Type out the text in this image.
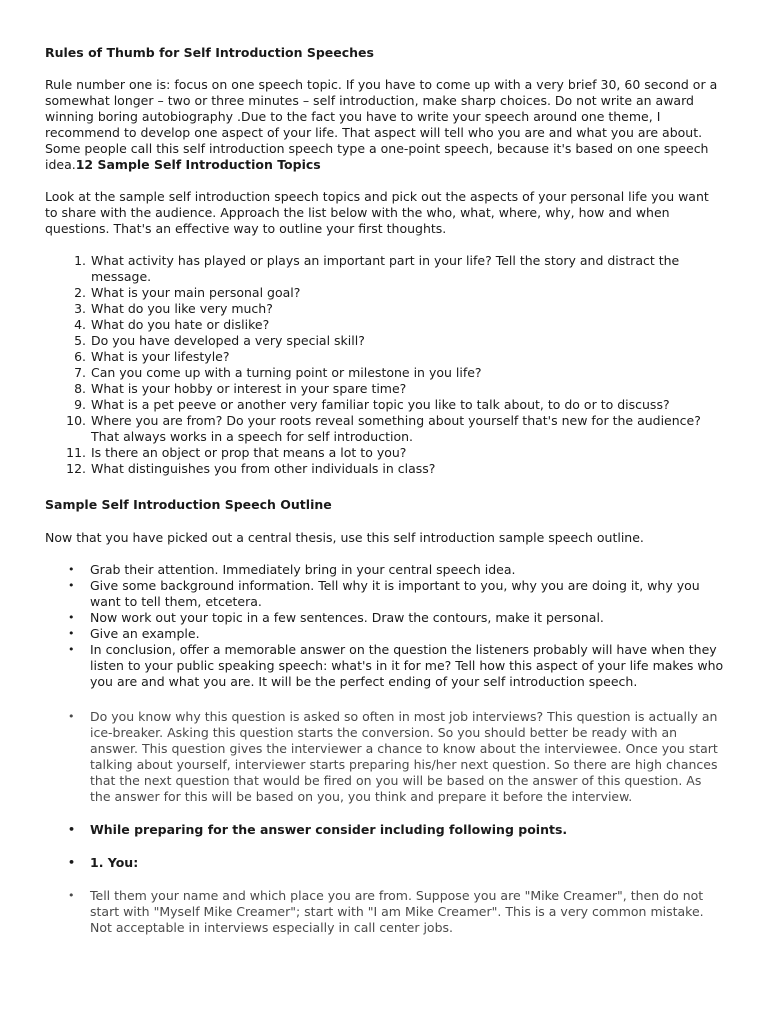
Rules of Thumb for Self Introduction Speeches

Rule number one is: focus on one speech topic. If you have to come up with a very brief 30, 60 second or a somewhat longer – two or three minutes – self introduction, make sharp choices. Do not write an award winning boring autobiography .Due to the fact you have to write your speech around one theme, I recommend to develop one aspect of your life. That aspect will tell who you are and what you are about. Some people call this self introduction speech type a one-point speech, because it's based on one speech idea.12 Sample Self Introduction Topics

Look at the sample self introduction speech topics and pick out the aspects of your personal life you want to share with the audience. Approach the list below with the who, what, where, why, how and when questions. That's an effective way to outline your first thoughts.

1. What activity has played or plays an important part in your life? Tell the story and distract the message.
2. What is your main personal goal?
3. What do you like very much?
4. What do you hate or dislike?
5. Do you have developed a very special skill?
6. What is your lifestyle?
7. Can you come up with a turning point or milestone in you life?
8. What is your hobby or interest in your spare time?
9. What is a pet peeve or another very familiar topic you like to talk about, to do or to discuss?
10. Where you are from? Do your roots reveal something about yourself that's new for the audience? That always works in a speech for self introduction.
11. Is there an object or prop that means a lot to you?
12. What distinguishes you from other individuals in class?
Sample Self Introduction Speech Outline

Now that you have picked out a central thesis, use this self introduction sample speech outline.

• Grab their attention. Immediately bring in your central speech idea.
• Give some background information. Tell why it is important to you, why you are doing it, why you want to tell them, etcetera.
• Now work out your topic in a few sentences. Draw the contours, make it personal.
• Give an example.
• In conclusion, offer a memorable answer on the question the listeners probably will have when they listen to your public speaking speech: what's in it for me? Tell how this aspect of your life makes who you are and what you are. It will be the perfect ending of your self introduction speech.
• Do you know why this question is asked so often in most job interviews? This question is actually an ice-breaker. Asking this question starts the conversion. So you should better be ready with an answer. This question gives the interviewer a chance to know about the interviewee. Once you start talking about yourself, interviewer starts preparing his/her next question. So there are high chances that the next question that would be fired on you will be based on the answer of this question. As the answer for this will be based on you, you think and prepare it before the interview.
• While preparing for the answer consider including following points.
• 1. You:
• Tell them your name and which place you are from. Suppose you are "Mike Creamer", then do not start with "Myself Mike Creamer"; start with "I am Mike Creamer". This is a very common mistake. Not acceptable in interviews especially in call center jobs.
